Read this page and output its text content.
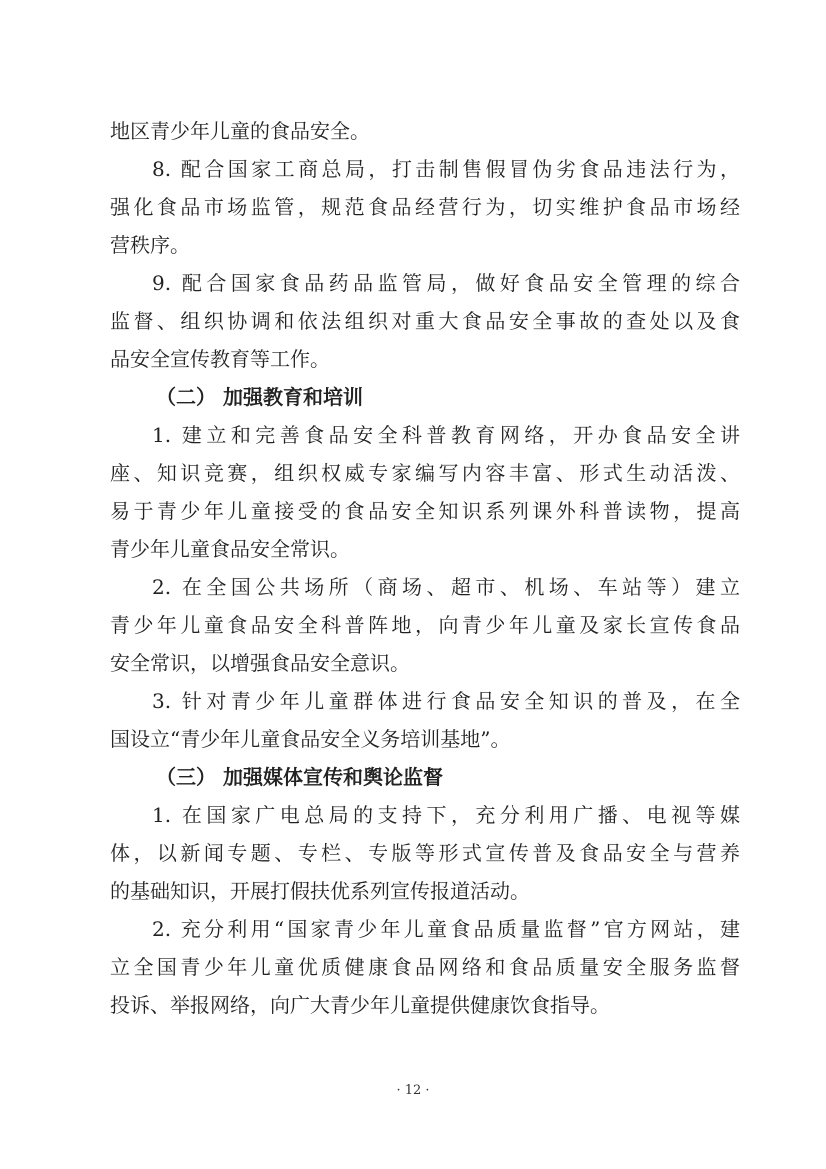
地区青少年儿童的食品安全。
8. 配合国家工商总局，打击制售假冒伪劣食品违法行为，
强化食品市场监管，规范食品经营行为，切实维护食品市场经
营秩序。
9. 配合国家食品药品监管局，做好食品安全管理的综合
监督、组织协调和依法组织对重大食品安全事故的查处以及食
品安全宣传教育等工作。
（二） 加强教育和培训
1. 建立和完善食品安全科普教育网络，开办食品安全讲
座、知识竞赛，组织权威专家编写内容丰富、形式生动活泼、
易于青少年儿童接受的食品安全知识系列课外科普读物，提高
青少年儿童食品安全常识。
2. 在全国公共场所（商场、超市、机场、车站等）建立
青少年儿童食品安全科普阵地，向青少年儿童及家长宣传食品
安全常识，以增强食品安全意识。
3. 针对青少年儿童群体进行食品安全知识的普及，在全
国设立“青少年儿童食品安全义务培训基地”。
（三） 加强媒体宣传和舆论监督
1. 在国家广电总局的支持下，充分利用广播、电视等媒
体，以新闻专题、专栏、专版等形式宣传普及食品安全与营养
的基础知识，开展打假扶优系列宣传报道活动。
2. 充分利用“国家青少年儿童食品质量监督”官方网站，建
立全国青少年儿童优质健康食品网络和食品质量安全服务监督
投诉、举报网络，向广大青少年儿童提供健康饮食指导。
· 12 ·
